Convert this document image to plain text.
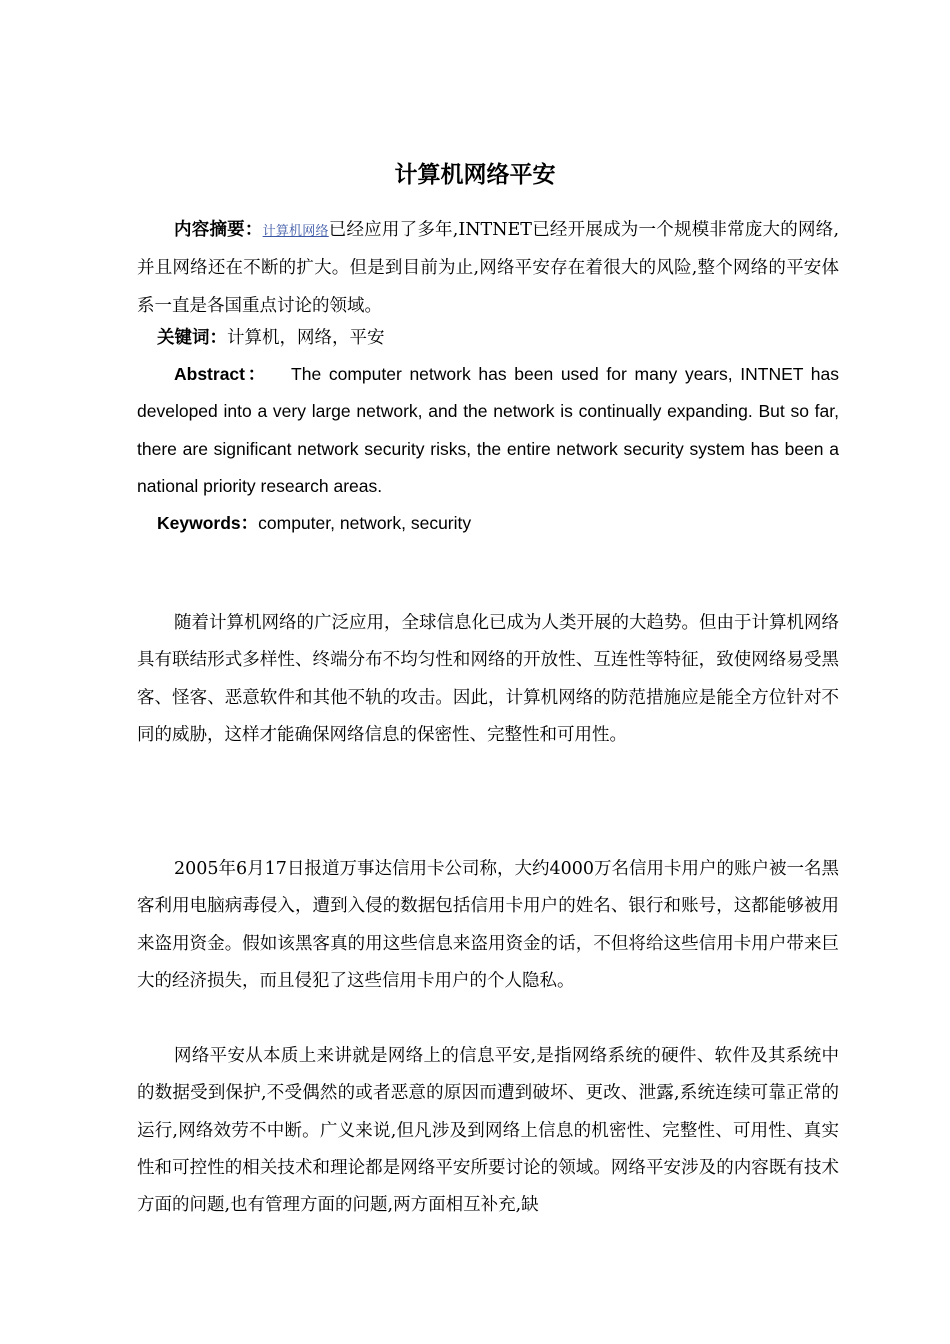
计算机网络平安

内容摘要：计算机网络已经应用了多年,INTNET已经开展成为一个规模非常庞大的网络,并且网络还在不断的扩大。但是到目前为止,网络平安存在着很大的风险,整个网络的平安体系一直是各国重点讨论的领域。

关键词：计算机，网络，平安

Abstract： The computer network has been used for many years, INTNET has developed into a very large network, and the network is continually expanding. But so far, there are significant network security risks, the entire network security system has been a national priority research areas.

Keywords：computer, network, security

随着计算机网络的广泛应用，全球信息化已成为人类开展的大趋势。但由于计算机网络具有联结形式多样性、终端分布不均匀性和网络的开放性、互连性等特征，致使网络易受黑客、怪客、恶意软件和其他不轨的攻击。因此，计算机网络的防范措施应是能全方位针对不同的威胁，这样才能确保网络信息的保密性、完整性和可用性。

2005年6月17日报道万事达信用卡公司称，大约4000万名信用卡用户的账户被一名黑客利用电脑病毒侵入，遭到入侵的数据包括信用卡用户的姓名、银行和账号，这都能够被用来盗用资金。假如该黑客真的用这些信息来盗用资金的话，不但将给这些信用卡用户带来巨大的经济损失，而且侵犯了这些信用卡用户的个人隐私。

网络平安从本质上来讲就是网络上的信息平安,是指网络系统的硬件、软件及其系统中的数据受到保护,不受偶然的或者恶意的原因而遭到破坏、更改、泄露,系统连续可靠正常的运行,网络效劳不中断。广义来说,但凡涉及到网络上信息的机密性、完整性、可用性、真实性和可控性的相关技术和理论都是网络平安所要讨论的领域。网络平安涉及的内容既有技术方面的问题,也有管理方面的问题,两方面相互补充,缺
